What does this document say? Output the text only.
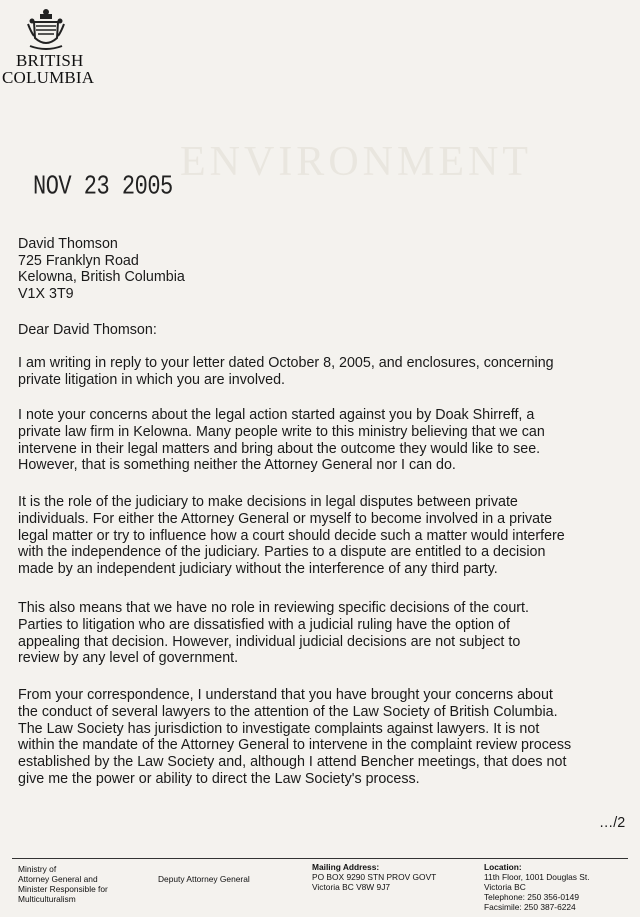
BRITISH
COLUMBIA
ENVIRONMENT
NOV 23 2005
David Thomson
725 Franklyn Road
Kelowna, British Columbia
V1X 3T9
Dear David Thomson:
I am writing in reply to your letter dated October 8, 2005, and enclosures, concerning
private litigation in which you are involved.
I note your concerns about the legal action started against you by Doak Shirreff, a
private law firm in Kelowna. Many people write to this ministry believing that we can
intervene in their legal matters and bring about the outcome they would like to see.
However, that is something neither the Attorney General nor I can do.
It is the role of the judiciary to make decisions in legal disputes between private
individuals. For either the Attorney General or myself to become involved in a private
legal matter or try to influence how a court should decide such a matter would interfere
with the independence of the judiciary. Parties to a dispute are entitled to a decision
made by an independent judiciary without the interference of any third party.
This also means that we have no role in reviewing specific decisions of the court.
Parties to litigation who are dissatisfied with a judicial ruling have the option of
appealing that decision. However, individual judicial decisions are not subject to
review by any level of government.
From your correspondence, I understand that you have brought your concerns about
the conduct of several lawyers to the attention of the Law Society of British Columbia.
The Law Society has jurisdiction to investigate complaints against lawyers. It is not
within the mandate of the Attorney General to intervene in the complaint review process
established by the Law Society and, although I attend Bencher meetings, that does not
give me the power or ability to direct the Law Society's process.
…/2
Ministry of
Attorney General and
Minister Responsible for
Multiculturalism
Deputy Attorney General
Mailing Address:
PO BOX 9290 STN PROV GOVT
Victoria BC V8W 9J7
Location:
11th Floor, 1001 Douglas St.
Victoria BC
Telephone: 250 356-0149
Facsimile: 250 387-6224
